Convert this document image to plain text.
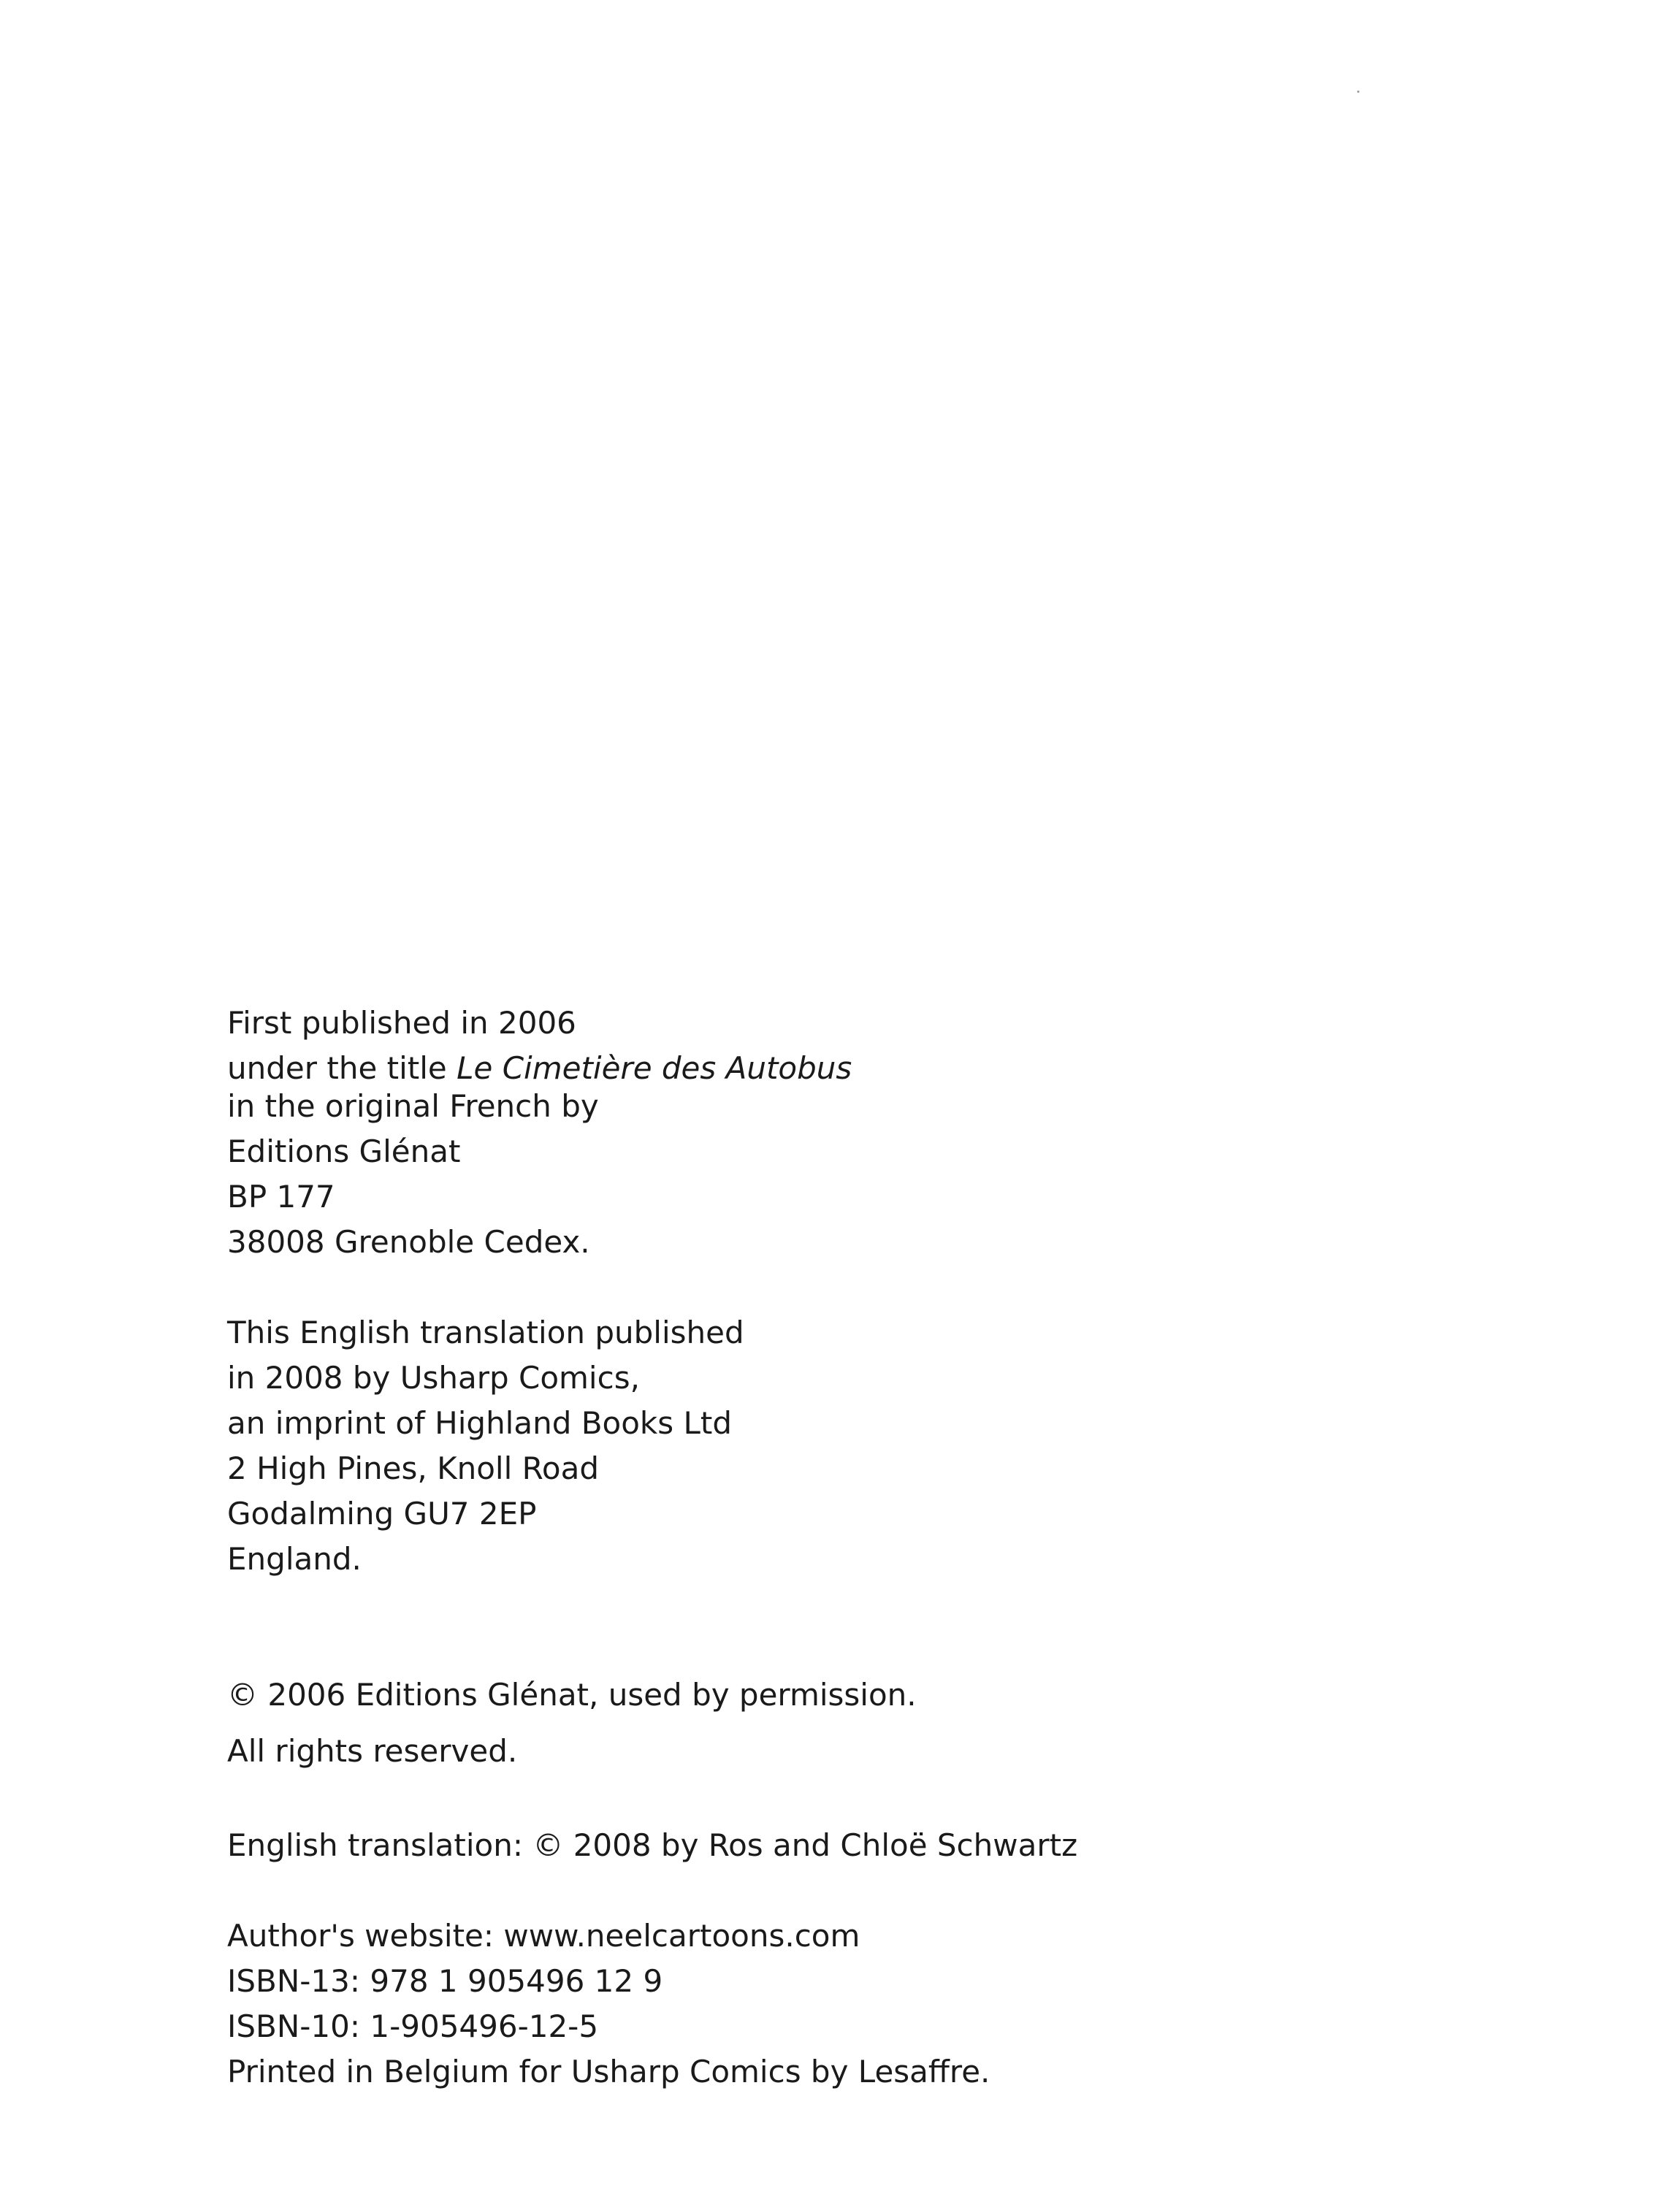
First published in 2006
under the title Le Cimetière des Autobus
in the original French by
Editions Glénat
BP 177
38008 Grenoble Cedex.
This English translation published
in 2008 by Usharp Comics,
an imprint of Highland Books Ltd
2 High Pines, Knoll Road
Godalming GU7 2EP
England.
© 2006 Editions Glénat, used by permission.
All rights reserved.
English translation: © 2008 by Ros and Chloë Schwartz
Author's website: www.neelcartoons.com
ISBN-13: 978 1 905496 12 9
ISBN-10: 1-905496-12-5
Printed in Belgium for Usharp Comics by Lesaffre.
